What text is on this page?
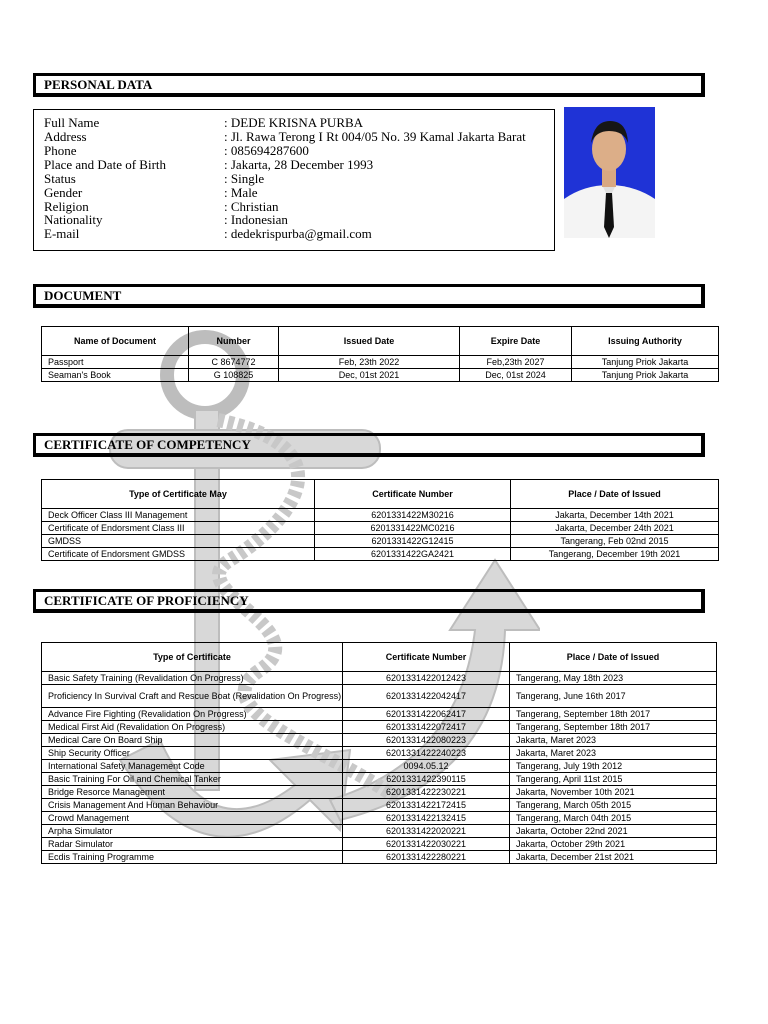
PERSONAL DATA
Full Name	: DEDE KRISNA PURBA
Address	: Jl. Rawa Terong I Rt 004/05 No. 39 Kamal Jakarta Barat
Phone	: 085694287600
Place and Date of Birth	: Jakarta, 28 December 1993
Status	: Single
Gender	: Male
Religion	: Christian
Nationality	: Indonesian
E-mail	: dedekrispurba@gmail.com
DOCUMENT
Name of Document	Number	Issued Date	Expire Date	Issuing Authority
Passport	C 8674772	Feb, 23th 2022	Feb,23th 2027	Tanjung Priok Jakarta
Seaman's Book	G 108825	Dec, 01st 2021	Dec, 01st 2024	Tanjung Priok Jakarta
CERTIFICATE OF COMPETENCY
Type of Certificate May	Certificate Number	Place / Date of Issued
Deck Officer Class III Management	6201331422M30216	Jakarta, December 14th 2021
Certificate of Endorsment Class III	6201331422MC0216	Jakarta, December 24th 2021
GMDSS	6201331422G12415	Tangerang, Feb 02nd 2015
Certificate of Endorsment GMDSS	6201331422GA2421	Tangerang, December 19th 2021
CERTIFICATE OF PROFICIENCY
Type of Certificate	Certificate Number	Place / Date of Issued
Basic Safety Training (Revalidation On Progress)	6201331422012423	Tangerang, May 18th 2023
Proficiency In Survival Craft and Rescue Boat (Revalidation On Progress)	6201331422042417	Tangerang, June 16th 2017
Advance Fire Fighting (Revalidation On Progress)	6201331422062417	Tangerang, September 18th 2017
Medical First Aid (Revalidation On Progress)	6201331422072417	Tangerang, September 18th 2017
Medical Care On Board Ship	6201331422080223	Jakarta, Maret 2023
Ship Security Officer	6201331422240223	Jakarta, Maret 2023
International Safety Management Code	0094.05.12	Tangerang, July 19th 2012
Basic Training For Oil and Chemical Tanker	6201331422390115	Tangerang, April 11st 2015
Bridge Resorce Management	6201331422230221	Jakarta, November 10th 2021
Crisis Management And Human Behaviour	6201331422172415	Tangerang, March 05th 2015
Crowd Management	6201331422132415	Tangerang, March 04th 2015
Arpha Simulator	6201331422020221	Jakarta, October 22nd 2021
Radar Simulator	6201331422030221	Jakarta, October 29th 2021
Ecdis Training Programme	6201331422280221	Jakarta, December 21st 2021
